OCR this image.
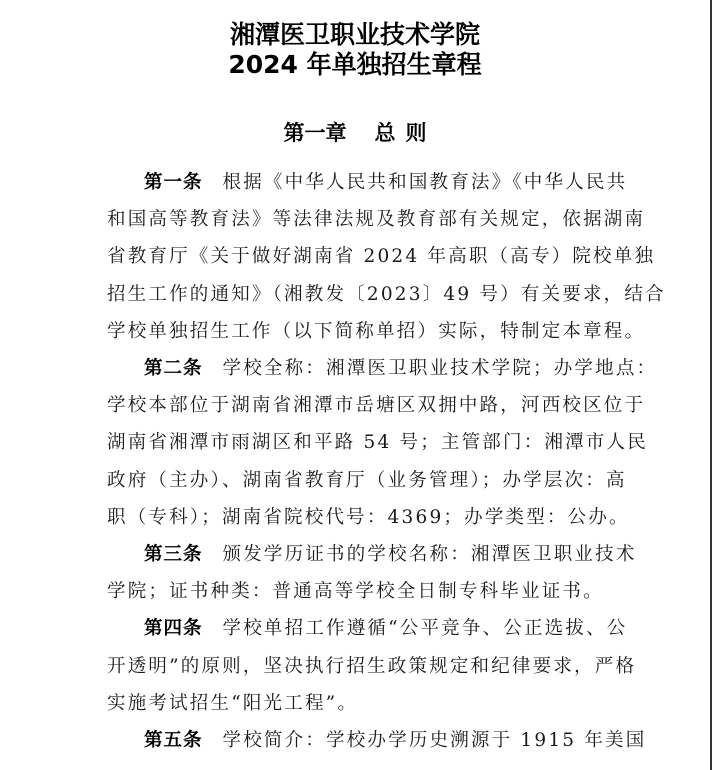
湘潭医卫职业技术学院
2024 年单独招生章程
第一章 总 则
第一条 根据《中华人民共和国教育法》《中华人民共
和国高等教育法》等法律法规及教育部有关规定，依据湖南
省教育厅《关于做好湖南省 2024 年高职（高专）院校单独
招生工作的通知》（湘教发〔2023〕49 号）有关要求，结合
学校单独招生工作（以下简称单招）实际，特制定本章程。
第二条 学校全称：湘潭医卫职业技术学院；办学地点：
学校本部位于湖南省湘潭市岳塘区双拥中路，河西校区位于
湖南省湘潭市雨湖区和平路 54 号；主管部门：湘潭市人民
政府（主办）、湖南省教育厅（业务管理）；办学层次：高
职（专科）；湖南省院校代号：4369；办学类型：公办。
第三条 颁发学历证书的学校名称：湘潭医卫职业技术
学院；证书种类：普通高等学校全日制专科毕业证书。
第四条 学校单招工作遵循“公平竞争、公正选拔、公
开透明”的原则，坚决执行招生政策规定和纪律要求，严格
实施考试招生“阳光工程”。
第五条 学校简介：学校办学历史溯源于 1915 年美国
